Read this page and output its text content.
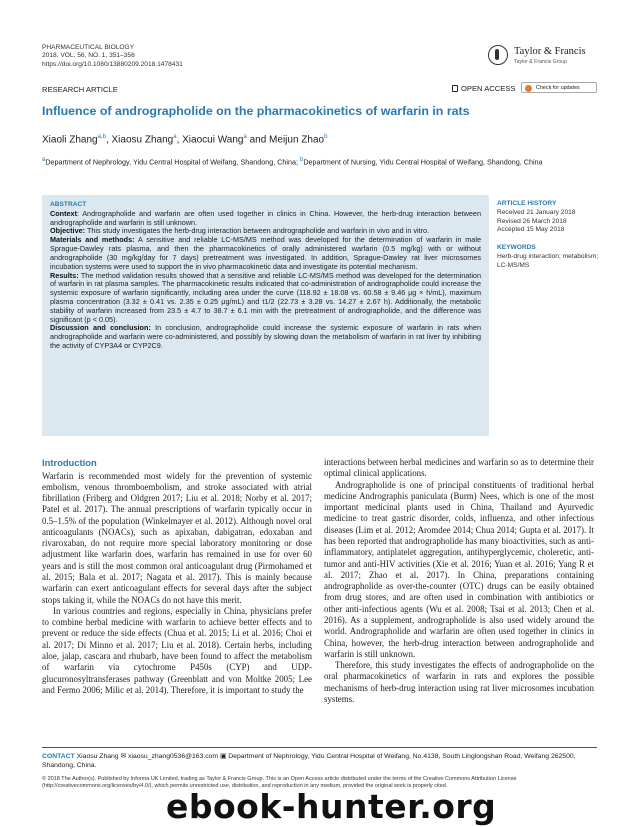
PHARMACEUTICAL BIOLOGY
2018, VOL. 56, NO. 1, 351–356
https://doi.org/10.1080/13880209.2018.1478431
Taylor & Francis
Taylor & Francis Group
RESEARCH ARTICLE	OPEN ACCESS	Check for updates
Influence of andrographolide on the pharmacokinetics of warfarin in rats
Xiaoli Zhang$^{a,b}$, Xiaosu Zhang$^a$, Xiaocui Wang$^a$ and Meijun Zhao$^b$
$^a$Department of Nephrology, Yidu Central Hospital of Weifang, Shandong, China; $^b$Department of Nursing, Yidu Central Hospital of Weifang, Shandong, China
ABSTRACT

Context: Andrographolide and warfarin are often used together in clinics in China. However, the herb-drug interaction between andrographolide and warfarin is still unknown.

Objective: This study investigates the herb-drug interaction between andrographolide and warfarin in vivo and in vitro.

Materials and methods: A sensitive and reliable LC-MS/MS method was developed for the determination of warfarin in male Sprague-Dawley rats plasma, and then the pharmacokinetics of orally administered warfarin (0.5 mg/kg) with or without andrographolide (30 mg/kg/day for 7 days) pretreatment was investigated. In addition, Sprague-Dawley rat liver microsomes incubation systems were used to support the in vivo pharmacokinetic data and investigate its potential mechanism.

Results: The method validation results showed that a sensitive and reliable LC-MS/MS method was developed for the determination of warfarin in rat plasma samples. The pharmacokinetic results indicated that co-administration of andrographolide could increase the systemic exposure of warfarin significantly, including area under the curve (118.92 ± 18.08 vs. 60.58 ± 9.46 μg × h/mL), maximum plasma concentration (3.32 ± 0.41 vs. 2.35 ± 0.25 μg/mL) and t1/2 (22.73 ± 3.28 vs. 14.27 ± 2.67 h). Additionally, the metabolic stability of warfarin increased from 23.5 ± 4.7 to 38.7 ± 6.1 min with the pretreatment of andrographolide, and the difference was significant (p < 0.05).

Discussion and conclusion: In conclusion, andrographolide could increase the systemic exposure of warfarin in rats when andrographolide and warfarin were co-administered, and possibly by slowing down the metabolism of warfarin in rat liver by inhibiting the activity of CYP3A4 or CYP2C9.

ARTICLE HISTORY
Received 21 January 2018
Revised 26 March 2018
Accepted 15 May 2018
KEYWORDS
Herb-drug interaction; metabolism; LC-MS/MS
Introduction

Warfarin is recommended most widely for the prevention of systemic embolism, venous thromboembolism, and stroke associated with atrial fibrillation (Friberg and Oldgren 2017; Liu et al. 2018; Norby et al. 2017; Patel et al. 2017). The annual prescriptions of warfarin typically occur in 0.5–1.5% of the population (Winkelmayer et al. 2012). Although novel oral anticoagulants (NOACs), such as apixaban, dabigatran, edoxaban and rivaroxaban, do not require more special laboratory monitoring or dose adjustment like warfarin does, warfarin has remained in use for over 60 years and is still the most common oral anticoagulant drug (Pirmohamed et al. 2015; Bala et al. 2017; Nagata et al. 2017). This is mainly because warfarin can exert anticoagulant effects for several days after the subject stops taking it, while the NOACs do not have this merit.

In various countries and regions, especially in China, physicians prefer to combine herbal medicine with warfarin to achieve better effects and to prevent or reduce the side effects (Chua et al. 2015; Li et al. 2016; Choi et al. 2017; Di Minno et al. 2017; Liu et al. 2018). Certain herbs, including aloe, jalap, cascara and rhubarb, have been found to affect the metabolism of warfarin via cytochrome P450s (CYP) and UDP-glucuronosyltransferases pathway (Greenblatt and von Moltke 2005; Lee and Fermo 2006; Milic et al. 2014). Therefore, it is important to study the

interactions between herbal medicines and warfarin so as to determine their optimal clinical applications.

Andrographolide is one of principal constituents of traditional herbal medicine Andrographis paniculata (Burm) Nees, which is one of the most important medicinal plants used in China, Thailand and Ayurvedic medicine to treat gastric disorder, colds, influenza, and other infectious diseases (Lim et al. 2012; Aromdee 2014; Chua 2014; Gupta et al. 2017). It has been reported that andrographolide has many bioactivities, such as anti-inflammatory, antiplatelet aggregation, antihyperglycemic, choleretic, anti-tumor and anti-HIV activities (Xie et al. 2016; Yuan et al. 2016; Yang R et al. 2017; Zhao et al. 2017). In China, preparations containing andrographolide as over-the-counter (OTC) drugs can be easily obtained from drug stores, and are often used in combination with antibiotics or other anti-infectious agents (Wu et al. 2008; Tsai et al. 2013; Chen et al. 2016). As a supplement, andrographolide is also used widely around the world. Andrographolide and warfarin are often used together in clinics in China, however, the herb-drug interaction between andrographolide and warfarin is still unknown.

Therefore, this study investigates the effects of andrographolide on the oral pharmacokinetics of warfarin in rats and explores the possible mechanisms of herb-drug interaction using rat liver microsomes incubation systems.

CONTACT Xiaosu Zhang ✉ xiaosu_zhang0536@163.com ▣ Department of Nephrology, Yidu Central Hospital of Weifang, No.4138, South Linglongshan Road, Weifang 262500, Shandong, China.
© 2018 The Author(s). Published by Informa UK Limited, trading as Taylor & Francis Group. This is an Open Access article distributed under the terms of the Creative Commons Attribution License (http://creativecommons.org/licenses/by/4.0/), which permits unrestricted use, distribution, and reproduction in any medium, provided the original work is properly cited.
ebook-hunter.org
